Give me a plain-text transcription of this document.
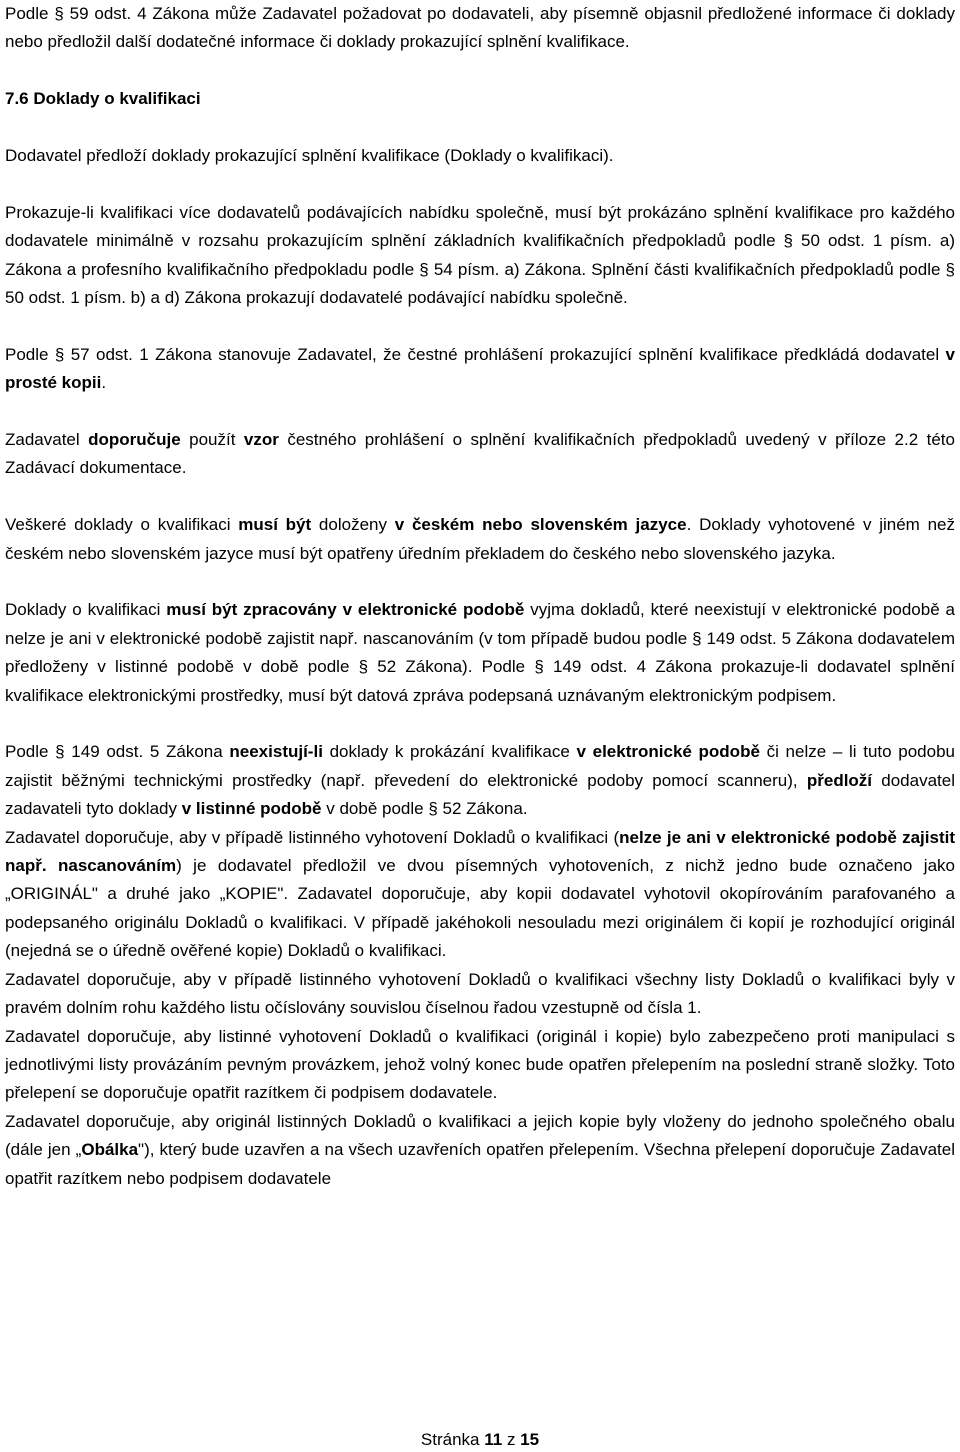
Podle § 59 odst. 4 Zákona může Zadavatel požadovat po dodavateli, aby písemně objasnil předložené informace či doklady nebo předložil další dodatečné informace či doklady prokazující splnění kvalifikace.

7.6 Doklady o kvalifikaci

Dodavatel předloží doklady prokazující splnění kvalifikace (Doklady o kvalifikaci).

Prokazuje-li kvalifikaci více dodavatelů podávajících nabídku společně, musí být prokázáno splnění kvalifikace pro každého dodavatele minimálně v rozsahu prokazujícím splnění základních kvalifikačních předpokladů podle § 50 odst. 1 písm. a) Zákona a profesního kvalifikačního předpokladu podle § 54 písm. a) Zákona. Splnění části kvalifikačních předpokladů podle § 50 odst. 1 písm. b) a d) Zákona prokazují dodavatelé podávající nabídku společně.

Podle § 57 odst. 1 Zákona stanovuje Zadavatel, že čestné prohlášení prokazující splnění kvalifikace předkládá dodavatel v prosté kopii.

Zadavatel doporučuje použít vzor čestného prohlášení o splnění kvalifikačních předpokladů uvedený v příloze 2.2 této Zadávací dokumentace.

Veškeré doklady o kvalifikaci musí být doloženy v českém nebo slovenském jazyce. Doklady vyhotovené v jiném než českém nebo slovenském jazyce musí být opatřeny úředním překladem do českého nebo slovenského jazyka.

Doklady o kvalifikaci musí být zpracovány v elektronické podobě vyjma dokladů, které neexistují v elektronické podobě a nelze je ani v elektronické podobě zajistit např. nascanováním (v tom případě budou podle § 149 odst. 5 Zákona dodavatelem předloženy v listinné podobě v době podle § 52 Zákona). Podle § 149 odst. 4 Zákona prokazuje-li dodavatel splnění kvalifikace elektronickými prostředky, musí být datová zpráva podepsaná uznávaným elektronickým podpisem.

Podle § 149 odst. 5 Zákona neexistují-li doklady k prokázání kvalifikace v elektronické podobě či nelze – li tuto podobu zajistit běžnými technickými prostředky (např. převedení do elektronické podoby pomocí scanneru), předloží dodavatel zadavateli tyto doklady v listinné podobě v době podle § 52 Zákona.

Zadavatel doporučuje, aby v případě listinného vyhotovení Dokladů o kvalifikaci (nelze je ani v elektronické podobě zajistit např. nascanováním) je dodavatel předložil ve dvou písemných vyhotoveních, z nichž jedno bude označeno jako „ORIGINÁL" a druhé jako „KOPIE". Zadavatel doporučuje, aby kopii dodavatel vyhotovil okopírováním parafovaného a podepsaného originálu Dokladů o kvalifikaci. V případě jakéhokoli nesouladu mezi originálem či kopií je rozhodující originál (nejedná se o úředně ověřené kopie) Dokladů o kvalifikaci.

Zadavatel doporučuje, aby v případě listinného vyhotovení Dokladů o kvalifikaci všechny listy Dokladů o kvalifikaci byly v pravém dolním rohu každého listu očíslovány souvislou číselnou řadou vzestupně od čísla 1.

Zadavatel doporučuje, aby listinné vyhotovení Dokladů o kvalifikaci (originál i kopie) bylo zabezpečeno proti manipulaci s jednotlivými listy provázáním pevným provázkem, jehož volný konec bude opatřen přelepením na poslední straně složky. Toto přelepení se doporučuje opatřit razítkem či podpisem dodavatele.

Zadavatel doporučuje, aby originál listinných Dokladů o kvalifikaci a jejich kopie byly vloženy do jednoho společného obalu (dále jen „Obálka"), který bude uzavřen a na všech uzavřeních opatřen přelepením. Všechna přelepení doporučuje Zadavatel opatřit razítkem nebo podpisem dodavatele

Stránka 11 z 15
